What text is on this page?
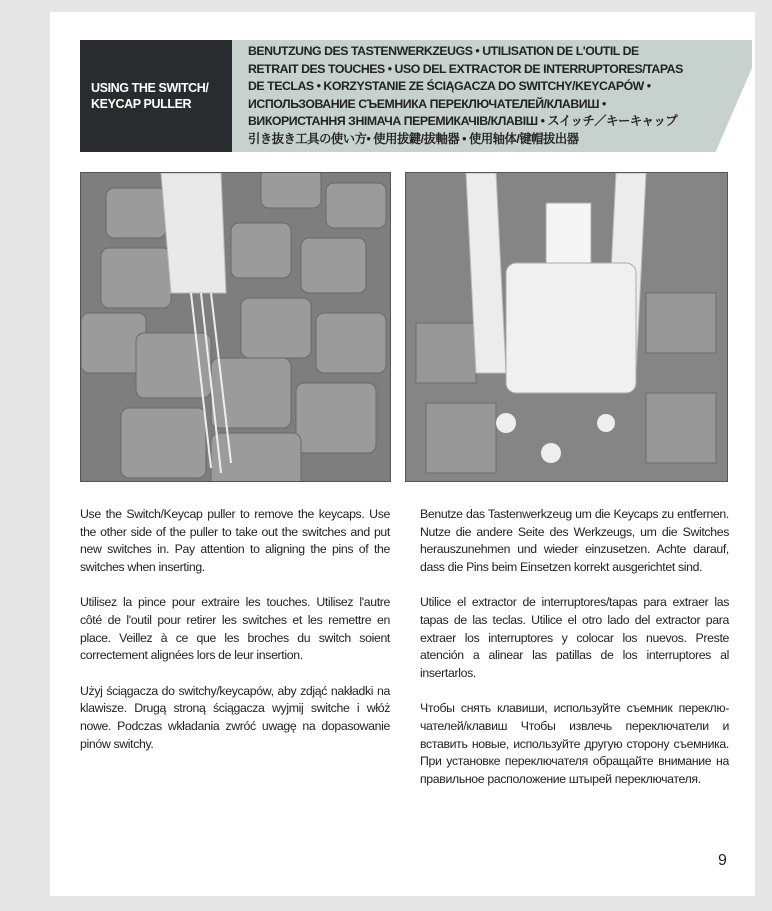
USING THE SWITCH/ KEYCAP PULLER
BENUTZUNG DES TASTENWERKZEUGS • UTILISATION DE L'OUTIL DE RETRAIT DES TOUCHES • USO DEL EXTRACTOR DE INTERRUPTORES/TAPAS DE TECLAS • KORZYSTANIE ZE ŚCIĄGACZA DO SWITCHY/KEYCAPÓW • ИСПОЛЬЗОВАНИЕ СЪЕМНИКА ПЕРЕКЛЮЧАТЕЛЕЙ/КЛАВИШ • ВИКОРИСТАННЯ ЗНІМАЧА ПЕРЕМИКАЧІВ/КЛАВІШ • スイッチ／キーキャップ引き抜き工具の使い方• 使用拔鍵/拔軸器 • 使用轴体/键帽拔出器

Use the Switch/Keycap puller to remove the keycaps. Use the other side of the puller to take out the switches and put new switches in. Pay attention to aligning the pins of the switches when inserting.

Utilisez la pince pour extraire les touches. Utilisez l'autre côté de l'outil pour retirer les switches et les remettre en place. Veillez à ce que les broches du switch soient correctement alignées lors de leur insertion.

Użyj ściągacza do switchy/keycapów, aby zdjąć nakładki na klawisze. Drugą stroną ściągacza wyjmij switche i włóż nowe. Podczas wkładania zwróć uwagę na dopasowanie pinów switchy.

Benutze das Tastenwerkzeug um die Keycaps zu entfernen. Nutze die andere Seite des Werkzeugs, um die Switches herauszunehmen und wieder einzusetzen. Achte darauf, dass die Pins beim Einsetzen korrekt ausgerichtet sind.

Utilice el extractor de interruptores/tapas para extraer las tapas de las teclas. Utilice el otro lado del extractor para extraer los interruptores y colocar los nuevos. Preste atención a alinear las patillas de los interruptores al insertarlos.

Чтобы снять клавиши, используйте съемник переклю-чателей/клавиш Чтобы извлечь переключатели и вставить новые, используйте другую сторону съемника. При установке переключателя обращайте внимание на правильное расположение штырей переключателя.

9
